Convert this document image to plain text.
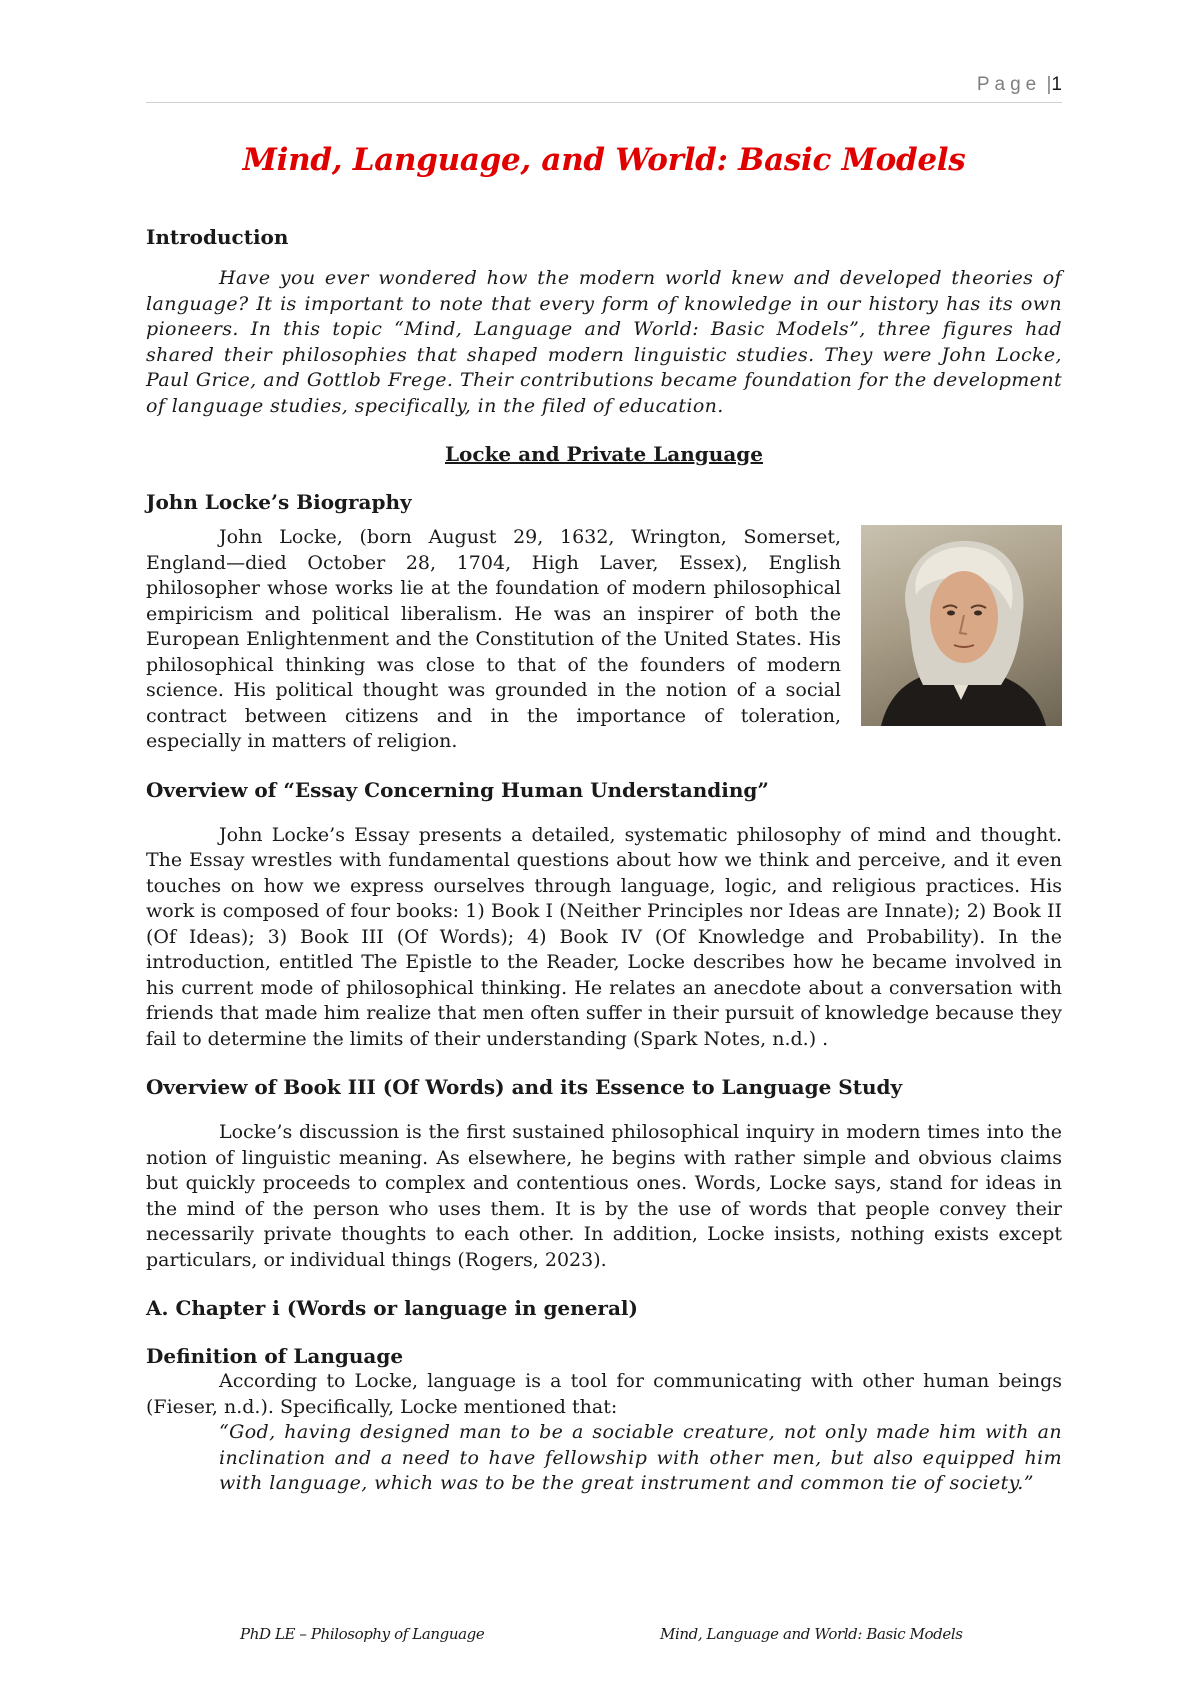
Page |1
Mind, Language, and World: Basic Models
Introduction

Have you ever wondered how the modern world knew and developed theories of language? It is important to note that every form of knowledge in our history has its own pioneers. In this topic “Mind, Language and World: Basic Models”, three figures had shared their philosophies that shaped modern linguistic studies. They were John Locke, Paul Grice, and Gottlob Frege. Their contributions became foundation for the development of language studies, specifically, in the filed of education.

Locke and Private Language
John Locke’s Biography

John Locke, (born August 29, 1632, Wrington, Somerset, England—died October 28, 1704, High Laver, Essex), English philosopher whose works lie at the foundation of modern philosophical empiricism and political liberalism. He was an inspirer of both the European Enlightenment and the Constitution of the United States. His philosophical thinking was close to that of the founders of modern science. His political thought was grounded in the notion of a social contract between citizens and in the importance of toleration, especially in matters of religion.

Overview of “Essay Concerning Human Understanding”

John Locke’s Essay presents a detailed, systematic philosophy of mind and thought. The Essay wrestles with fundamental questions about how we think and perceive, and it even touches on how we express ourselves through language, logic, and religious practices. His work is composed of four books: 1) Book I (Neither Principles nor Ideas are Innate); 2) Book II (Of Ideas); 3) Book III (Of Words); 4) Book IV (Of Knowledge and Probability). In the introduction, entitled The Epistle to the Reader, Locke describes how he became involved in his current mode of philosophical thinking. He relates an anecdote about a conversation with friends that made him realize that men often suffer in their pursuit of knowledge because they fail to determine the limits of their understanding (Spark Notes, n.d.) .

Overview of Book III (Of Words) and its Essence to Language Study

Locke’s discussion is the first sustained philosophical inquiry in modern times into the notion of linguistic meaning. As elsewhere, he begins with rather simple and obvious claims but quickly proceeds to complex and contentious ones. Words, Locke says, stand for ideas in the mind of the person who uses them. It is by the use of words that people convey their necessarily private thoughts to each other. In addition, Locke insists, nothing exists except particulars, or individual things (Rogers, 2023).

A. Chapter i (Words or language in general)
Definition of Language

According to Locke, language is a tool for communicating with other human beings (Fieser, n.d.). Specifically, Locke mentioned that:

“God, having designed man to be a sociable creature, not only made him with an inclination and a need to have fellowship with other men, but also equipped him with language, which was to be the great instrument and common tie of society.”

PhD LE – Philosophy of Language	Mind, Language and World: Basic Models
